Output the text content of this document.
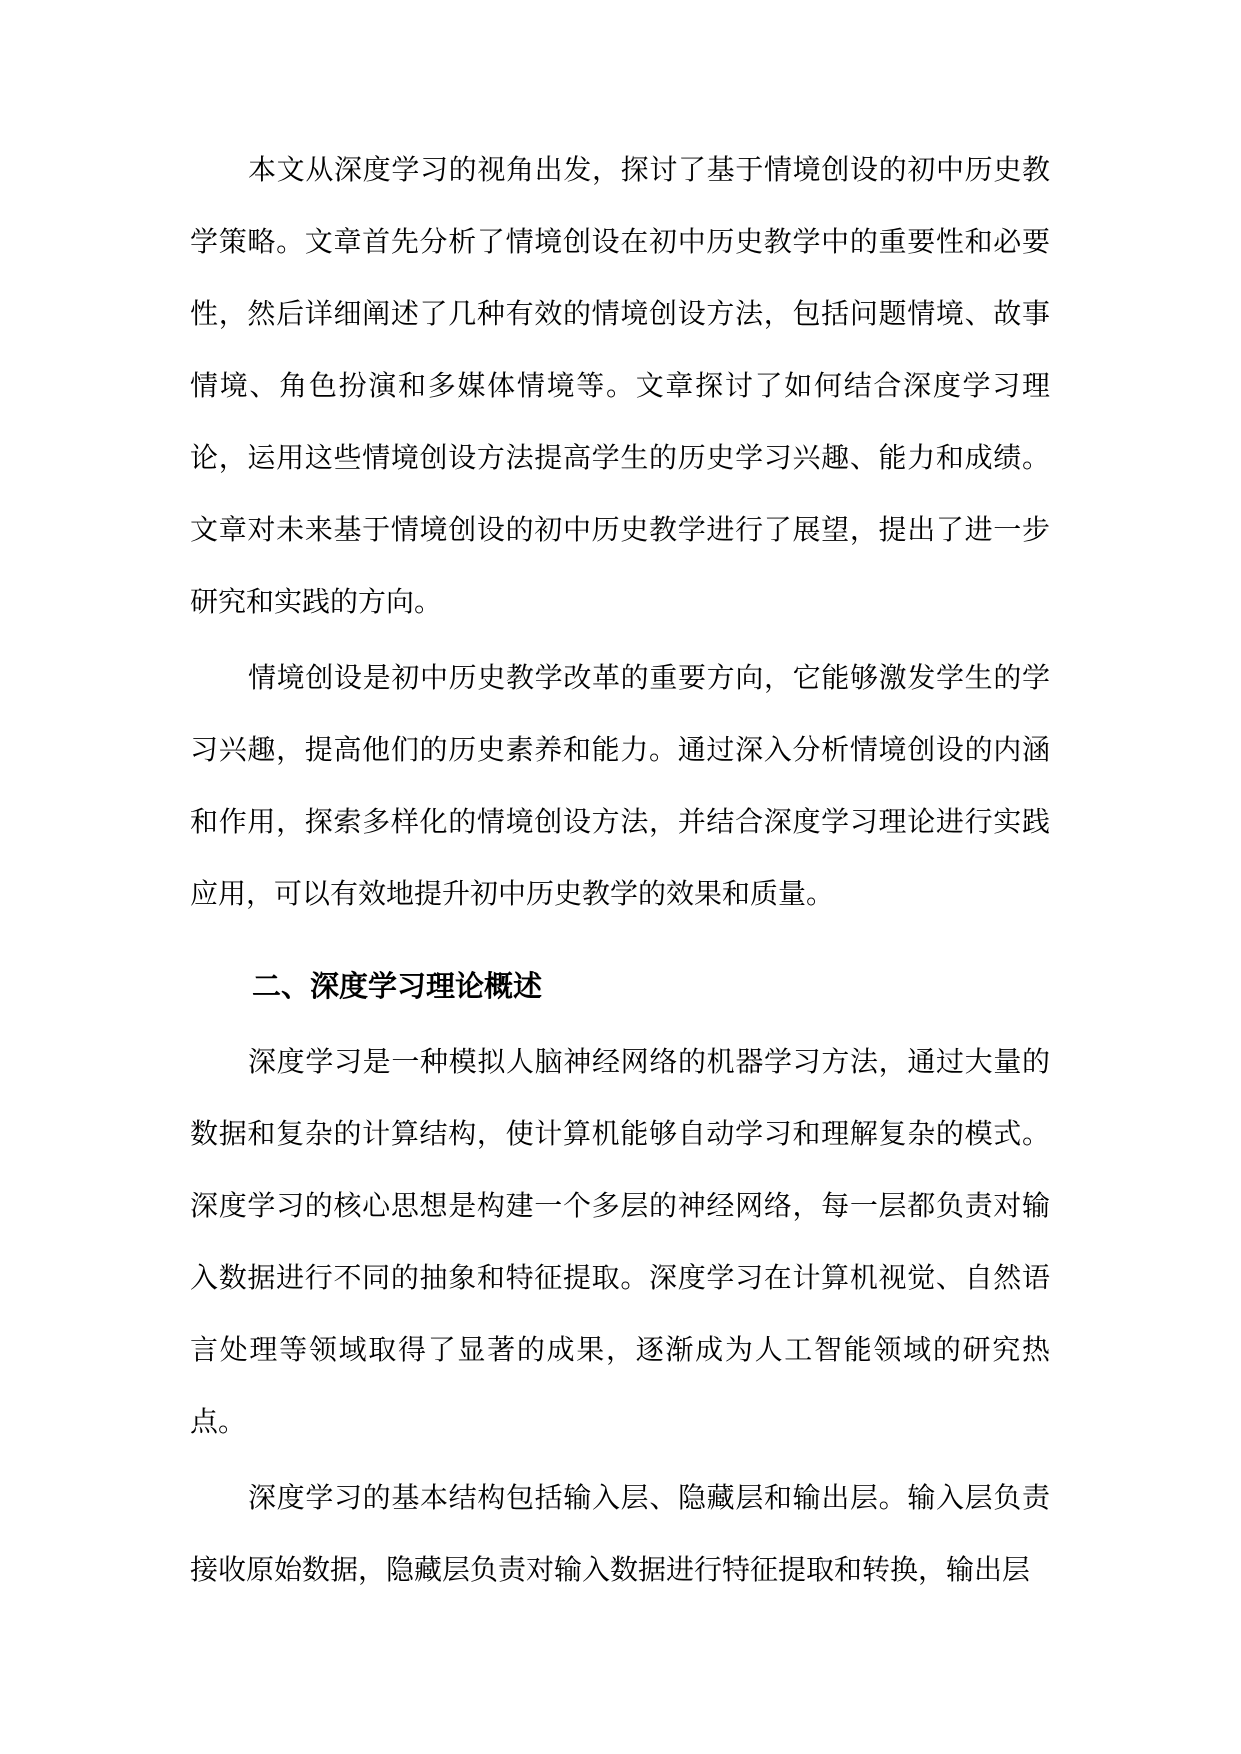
本文从深度学习的视角出发，探讨了基于情境创设的初中历史教学策略。文章首先分析了情境创设在初中历史教学中的重要性和必要性，然后详细阐述了几种有效的情境创设方法，包括问题情境、故事情境、角色扮演和多媒体情境等。文章探讨了如何结合深度学习理论，运用这些情境创设方法提高学生的历史学习兴趣、能力和成绩。文章对未来基于情境创设的初中历史教学进行了展望，提出了进一步研究和实践的方向。

情境创设是初中历史教学改革的重要方向，它能够激发学生的学习兴趣，提高他们的历史素养和能力。通过深入分析情境创设的内涵和作用，探索多样化的情境创设方法，并结合深度学习理论进行实践应用，可以有效地提升初中历史教学的效果和质量。

二、深度学习理论概述

深度学习是一种模拟人脑神经网络的机器学习方法，通过大量的数据和复杂的计算结构，使计算机能够自动学习和理解复杂的模式。深度学习的核心思想是构建一个多层的神经网络，每一层都负责对输入数据进行不同的抽象和特征提取。深度学习在计算机视觉、自然语言处理等领域取得了显著的成果，逐渐成为人工智能领域的研究热点。

深度学习的基本结构包括输入层、隐藏层和输出层。输入层负责接收原始数据，隐藏层负责对输入数据进行特征提取和转换，输出层
